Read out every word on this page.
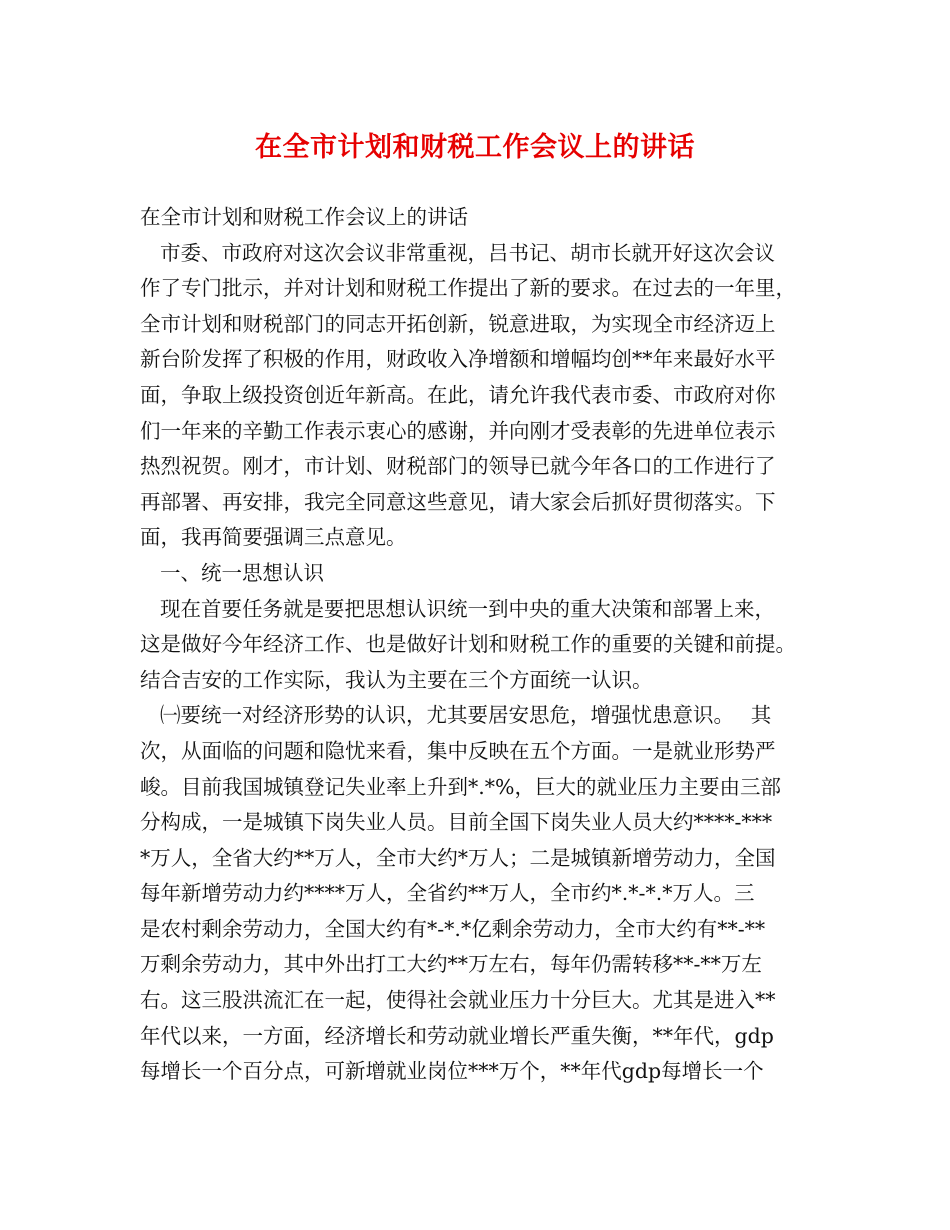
在全市计划和财税工作会议上的讲话
在全市计划和财税工作会议上的讲话
市委、市政府对这次会议非常重视，吕书记、胡市长就开好这次会议
作了专门批示，并对计划和财税工作提出了新的要求。在过去的一年里，
全市计划和财税部门的同志开拓创新，锐意进取，为实现全市经济迈上
新台阶发挥了积极的作用，财政收入净增额和增幅均创**年来最好水平
面，争取上级投资创近年新高。在此，请允许我代表市委、市政府对你
们一年来的辛勤工作表示衷心的感谢，并向刚才受表彰的先进单位表示
热烈祝贺。刚才，市计划、财税部门的领导已就今年各口的工作进行了
再部署、再安排，我完全同意这些意见，请大家会后抓好贯彻落实。下
面，我再简要强调三点意见。
一、统一思想认识
现在首要任务就是要把思想认识统一到中央的重大决策和部署上来，
这是做好今年经济工作、也是做好计划和财税工作的重要的关键和前提。
结合吉安的工作实际，我认为主要在三个方面统一认识。
㈠要统一对经济形势的认识，尤其要居安思危，增强忧患意识。　 其
次，从面临的问题和隐忧来看，集中反映在五个方面。一是就业形势严
峻。目前我国城镇登记失业率上升到*.*%，巨大的就业压力主要由三部
分构成，一是城镇下岗失业人员。目前全国下岗失业人员大约****-***
*万人，全省大约**万人，全市大约*万人；二是城镇新增劳动力，全国
每年新增劳动力约****万人，全省约**万人，全市约*.*-*.*万人。三
是农村剩余劳动力，全国大约有*-*.*亿剩余劳动力，全市大约有**-**
万剩余劳动力，其中外出打工大约**万左右，每年仍需转移**-**万左
右。这三股洪流汇在一起，使得社会就业压力十分巨大。尤其是进入**
年代以来，一方面，经济增长和劳动就业增长严重失衡，**年代，gdp
每增长一个百分点，可新增就业岗位***万个，**年代gdp每增长一个
